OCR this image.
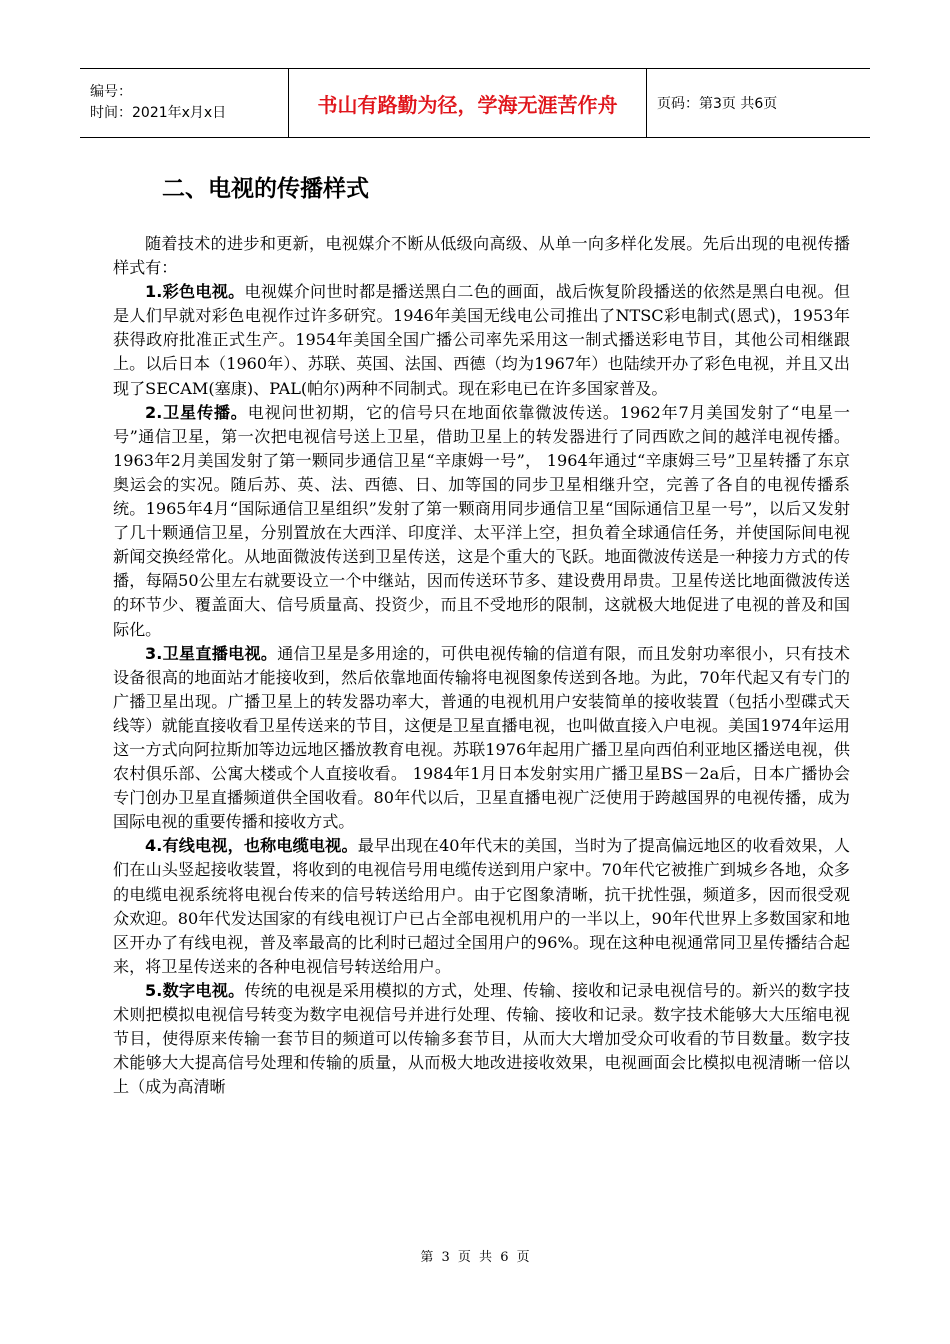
编号：
时间：2021年x月x日	书山有路勤为径，学海无涯苦作舟	页码：第3页 共6页
二、电视的传播样式

随着技术的进步和更新，电视媒介不断从低级向高级、从单一向多样化发展。先后出现的电视传播样式有：

1.彩色电视。电视媒介问世时都是播送黑白二色的画面，战后恢复阶段播送的依然是黑白电视。但是人们早就对彩色电视作过许多研究。1946年美国无线电公司推出了NTSC彩电制式(恩式)，1953年获得政府批准正式生产。1954年美国全国广播公司率先采用这一制式播送彩电节目，其他公司相继跟上。以后日本（1960年）、苏联、英国、法国、西德（均为1967年）也陆续开办了彩色电视，并且又出现了SECAM(塞康)、PAL(帕尔)两种不同制式。现在彩电已在许多国家普及。

2.卫星传播。电视问世初期，它的信号只在地面依靠微波传送。1962年7月美国发射了“电星一号”通信卫星，第一次把电视信号送上卫星，借助卫星上的转发器进行了同西欧之间的越洋电视传播。1963年2月美国发射了第一颗同步通信卫星“辛康姆一号”， 1964年通过“辛康姆三号”卫星转播了东京奥运会的实况。随后苏、英、法、西德、日、加等国的同步卫星相继升空，完善了各自的电视传播系统。1965年4月“国际通信卫星组织”发射了第一颗商用同步通信卫星“国际通信卫星一号”，以后又发射了几十颗通信卫星，分别置放在大西洋、印度洋、太平洋上空，担负着全球通信任务，并使国际间电视新闻交换经常化。从地面微波传送到卫星传送，这是个重大的飞跃。地面微波传送是一种接力方式的传播，每隔50公里左右就要设立一个中继站，因而传送环节多、建设费用昂贵。卫星传送比地面微波传送的环节少、覆盖面大、信号质量高、投资少，而且不受地形的限制，这就极大地促进了电视的普及和国际化。

3.卫星直播电视。通信卫星是多用途的，可供电视传输的信道有限，而且发射功率很小，只有技术设备很高的地面站才能接收到，然后依靠地面传输将电视图象传送到各地。为此，70年代起又有专门的广播卫星出现。广播卫星上的转发器功率大，普通的电视机用户安装简单的接收装置（包括小型碟式天线等）就能直接收看卫星传送来的节目，这便是卫星直播电视，也叫做直接入户电视。美国1974年运用这一方式向阿拉斯加等边远地区播放教育电视。苏联1976年起用广播卫星向西伯利亚地区播送电视，供农村俱乐部、公寓大楼或个人直接收看。 1984年1月日本发射实用广播卫星BS－2a后，日本广播协会专门创办卫星直播频道供全国收看。80年代以后，卫星直播电视广泛使用于跨越国界的电视传播，成为国际电视的重要传播和接收方式。

4.有线电视，也称电缆电视。最早出现在40年代末的美国，当时为了提高偏远地区的收看效果，人们在山头竖起接收装置，将收到的电视信号用电缆传送到用户家中。70年代它被推广到城乡各地，众多的电缆电视系统将电视台传来的信号转送给用户。由于它图象清晰，抗干扰性强，频道多，因而很受观众欢迎。80年代发达国家的有线电视订户已占全部电视机用户的一半以上，90年代世界上多数国家和地区开办了有线电视，普及率最高的比利时已超过全国用户的96%。现在这种电视通常同卫星传播结合起来，将卫星传送来的各种电视信号转送给用户。

5.数字电视。传统的电视是采用模拟的方式，处理、传输、接收和记录电视信号的。新兴的数字技术则把模拟电视信号转变为数字电视信号并进行处理、传输、接收和记录。数字技术能够大大压缩电视节目，使得原来传输一套节目的频道可以传输多套节目，从而大大增加受众可收看的节目数量。数字技术能够大大提高信号处理和传输的质量，从而极大地改进接收效果，电视画面会比模拟电视清晰一倍以上（成为高清晰

第 3 页 共 6 页
